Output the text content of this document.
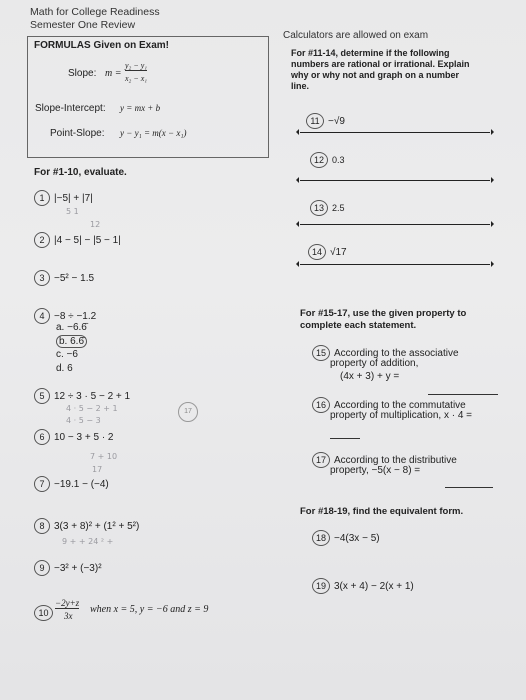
Math for College Readiness
Semester One Review
Calculators are allowed on exam
FORMULAS Given on Exam!
Slope: m =
y₂ − y₁
x₂ − x₁
Slope-Intercept: y = mx + b
Point-Slope: y − y₁ = m(x − x₁)
For #1-10, evaluate.
1 |−5| + |7|
5 1
12
2 |4 − 5| − |5 − 1|
3 −5² − 1.5
4 −8 ÷ −1.2
a. −6.6̄
b. 6.6̄
c. −6
d. 6
5 12 ÷ 3 · 5 − 2 + 1
4 · 5 − 2 + 1
4 · 5 − 3
17
6 10 − 3 + 5 · 2
7 + 10
17
7 −19.1 − (−4)
8 3(3 + 8)² + (1² + 5²)
9 + + 24 ² +
9 −3² + (−3)²
10
−2y+z
3x
when x = 5, y = −6 and z = 9
For #11-14, determine if the following
numbers are rational or irrational. Explain
why or why not and graph on a number
line.
11 −√9
12 0.3
13 2.5
14 √17
For #15-17, use the given property to
complete each statement.
15 According to the associative
property of addition,
(4x + 3) + y =
16 According to the commutative
property of multiplication, x · 4 =
17 According to the distributive
property, −5(x − 8) =
For #18-19, find the equivalent form.
18 −4(3x − 5)
19 3(x + 4) − 2(x + 1)
